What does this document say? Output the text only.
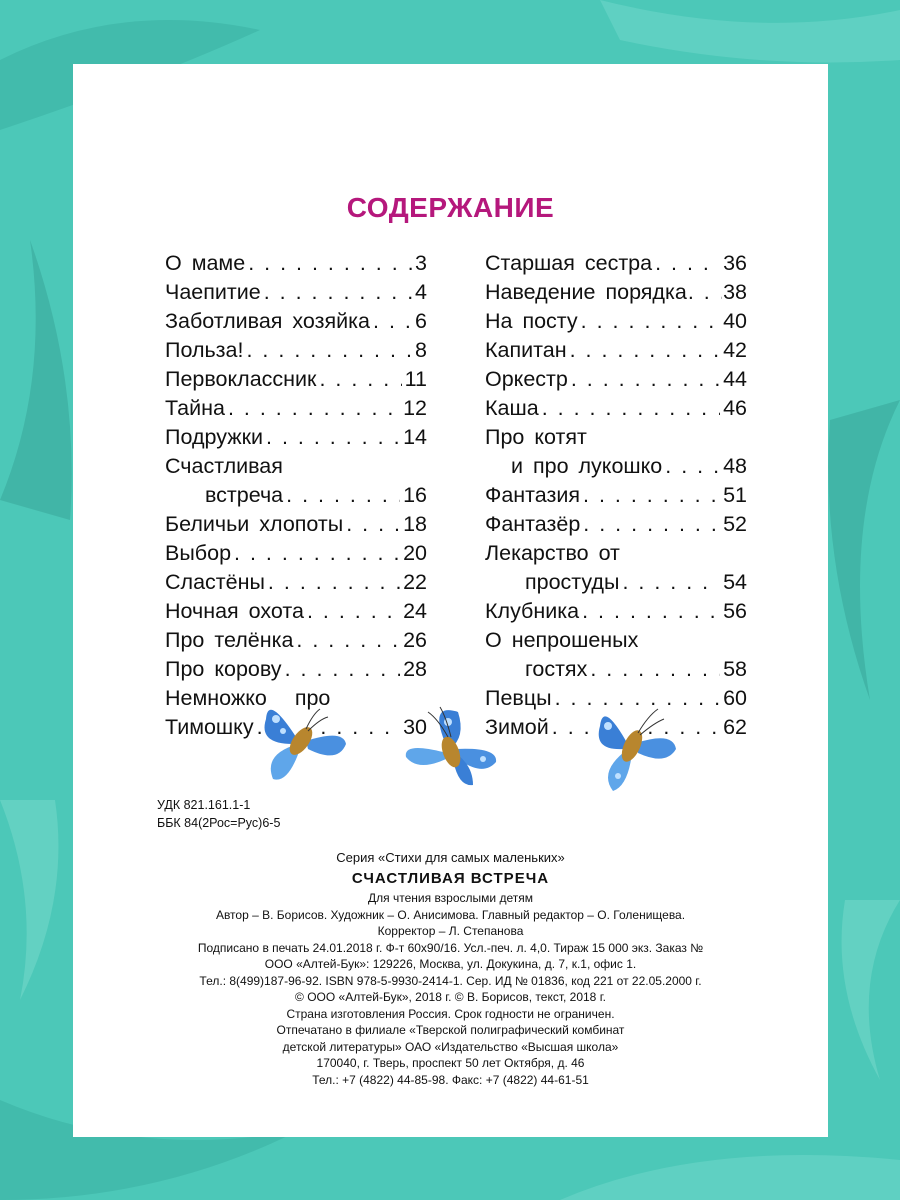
СОДЕРЖАНИЕ
О маме . . .	3
Чаепитие . . .	4
Заботливая хозяйка . . . 6
Польза! . . .	8
Первоклассник . . .	11
Тайна . . .	12
Подружки . . .	14
Счастливая
встреча . . .	16
Беличьи хлопоты . . .	18
Выбор . . .	20
Сластёны . . .	22
Ночная охота . . .	24
Про телёнка . . .	26
Про корову . . .	28
Немножко про
Тимошку . . .	30
Старшая сестра . . .	36
Наведение порядка . . . 38
На посту . . .	40
Капитан . . .	42
Оркестр . . .	44
Каша . . .	46
Про котят
и про лукошко . . .	48
Фантазия . . .	51
Фантазёр . . .	52
Лекарство от
простуды . . .	54
Клубника . . .	56
О непрошеных
гостях . . .	58
Певцы . . .	60
Зимой . . .	62
УДК 821.161.1-1
ББК 84(2Рос=Рус)6-5
Серия «Стихи для самых маленьких»
СЧАСТЛИВАЯ ВСТРЕЧА
Для чтения взрослыми детям
Автор – В. Борисов. Художник – О. Анисимова. Главный редактор – О. Голенищева.
Корректор – Л. Степанова
Подписано в печать 24.01.2018 г. Ф-т 60х90/16. Усл.-печ. л. 4,0. Тираж 15 000 экз. Заказ №
ООО «Алтей-Бук»: 129226, Москва, ул. Докукина, д. 7, к.1, офис 1.
Тел.: 8(499)187-96-92. ISBN 978-5-9930-2414-1. Сер. ИД № 01836, код 221 от 22.05.2000 г.
© ООО «Алтей-Бук», 2018 г. © В. Борисов, текст, 2018 г.
Страна изготовления Россия. Срок годности не ограничен.
Отпечатано в филиале «Тверской полиграфический комбинат
детской литературы» ОАО «Издательство «Высшая школа»
170040, г. Тверь, проспект 50 лет Октября, д. 46
Тел.: +7 (4822) 44-85-98. Факс: +7 (4822) 44-61-51
